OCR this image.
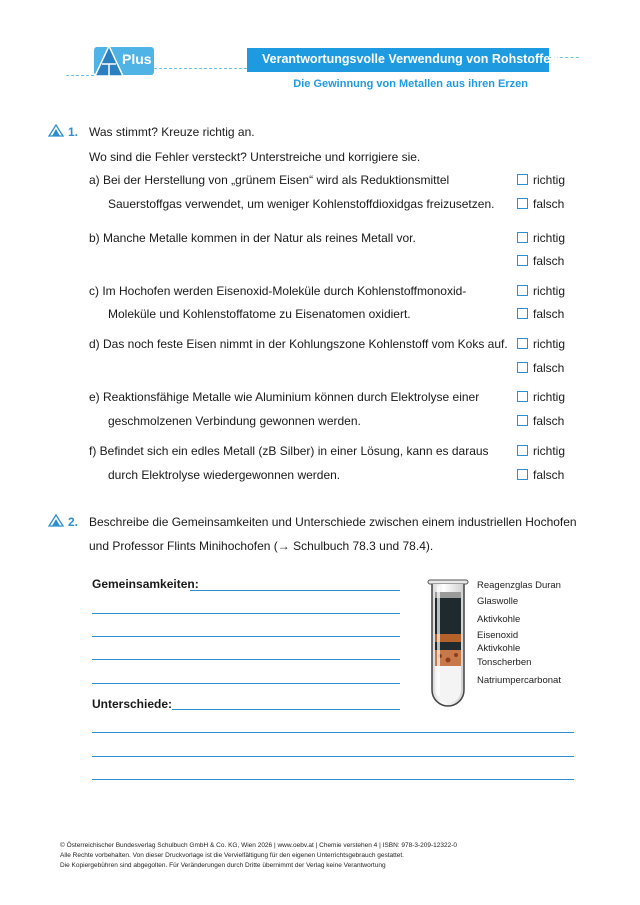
Plus	Verantwortungsvolle Verwendung von Rohstoffen
Die Gewinnung von Metallen aus ihren Erzen
1. Was stimmt? Kreuze richtig an.
Wo sind die Fehler versteckt? Unterstreiche und korrigiere sie.
a) Bei der Herstellung von „grünem Eisen“ wird als Reduktionsmittel
Sauerstoffgas verwendet, um weniger Kohlenstoffdioxidgas freizusetzen.
richtig
falsch
b) Manche Metalle kommen in der Natur als reines Metall vor.	richtig
falsch
c) Im Hochofen werden Eisenoxid-Moleküle durch Kohlenstoffmonoxid-
Moleküle und Kohlenstoffatome zu Eisenatomen oxidiert.
richtig
falsch
d) Das noch feste Eisen nimmt in der Kohlungszone Kohlenstoff vom Koks auf.	richtig
falsch
e) Reaktionsfähige Metalle wie Aluminium können durch Elektrolyse einer
geschmolzenen Verbindung gewonnen werden.
richtig
falsch
f) Befindet sich ein edles Metall (zB Silber) in einer Lösung, kann es daraus
durch Elektrolyse wiedergewonnen werden.
richtig
falsch
2. Beschreibe die Gemeinsamkeiten und Unterschiede zwischen einem industriellen Hochofen
und Professor Flints Minihochofen (→ Schulbuch 78.3 und 78.4).
Gemeinsamkeiten:
Unterschiede:
Reagenzglas Duran
Glaswolle
Aktivkohle
Eisenoxid
Aktivkohle
Tonscherben
Natriumpercarbonat
© Österreichischer Bundesverlag Schulbuch GmbH & Co. KG, Wien 2026 | www.oebv.at | Chemie verstehen 4 | ISBN: 978-3-209-12322-0
Alle Rechte vorbehalten. Von dieser Druckvorlage ist die Vervielfältigung für den eigenen Unterrichtsgebrauch gestattet.
Die Kopiergebühren sind abgegolten. Für Veränderungen durch Dritte übernimmt der Verlag keine Verantwortung
